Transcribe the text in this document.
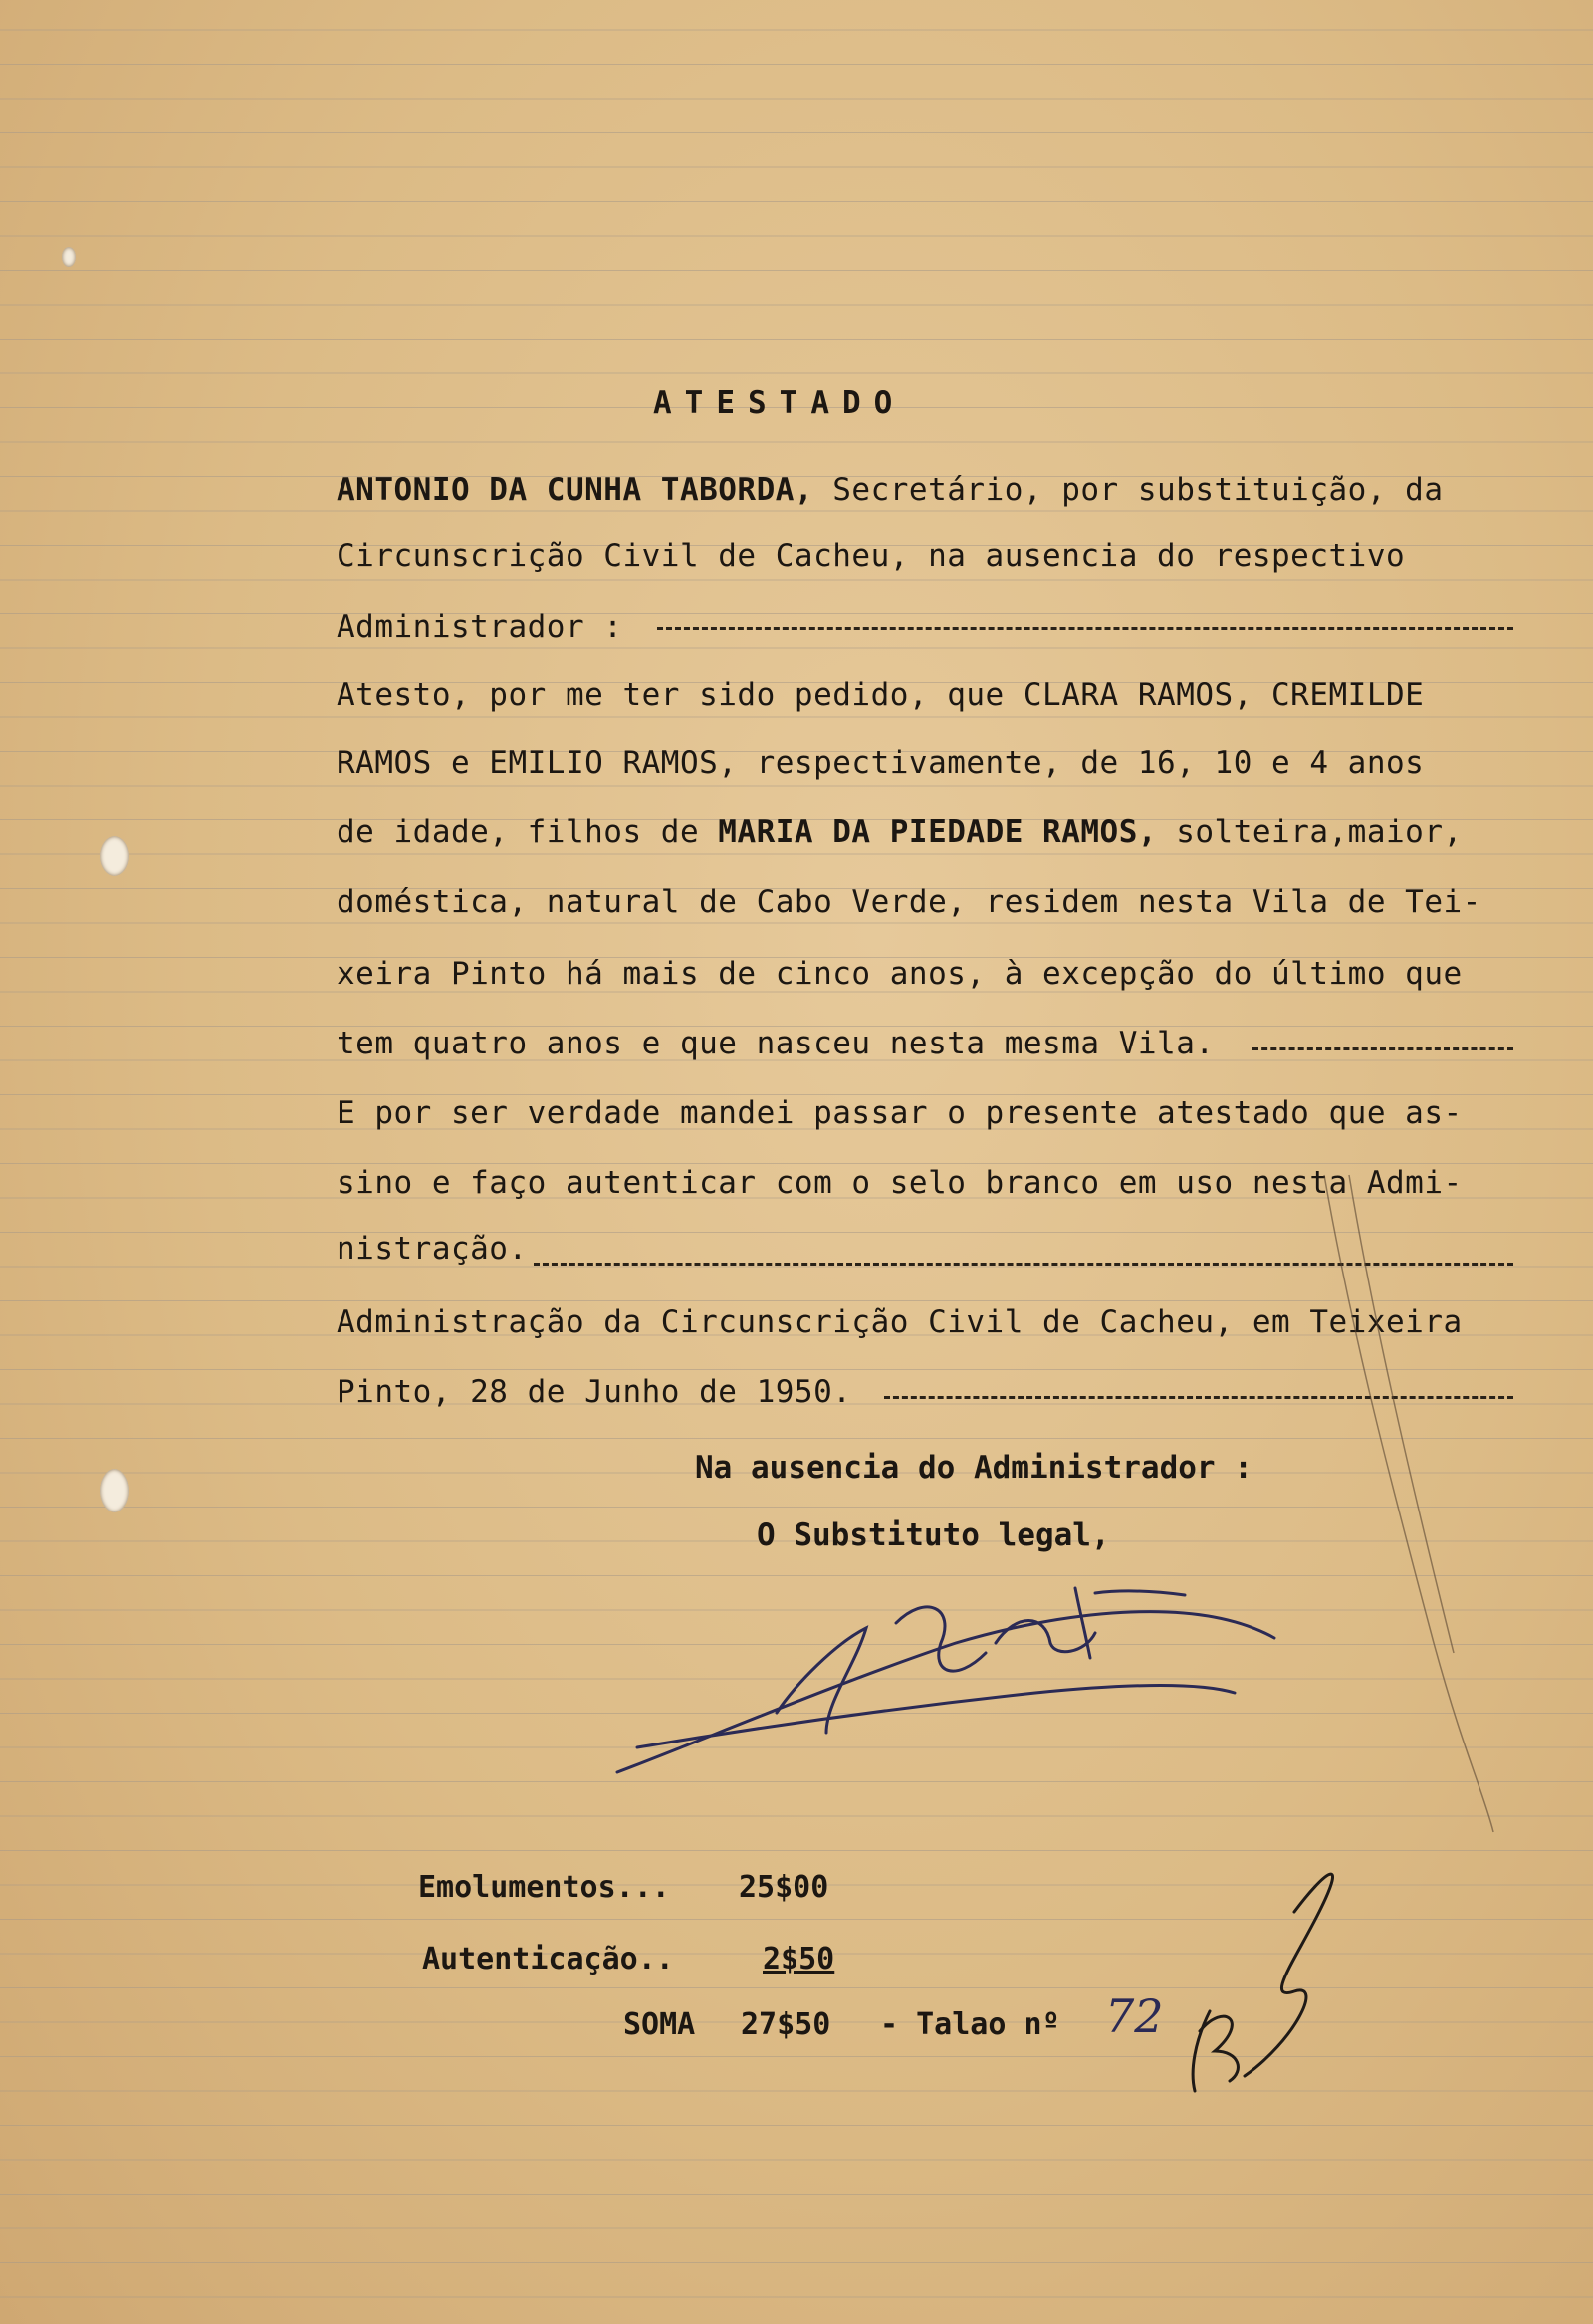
ATESTADO
ANTONIO DA CUNHA TABORDA, Secretário, por substituição, da
Circunscrição Civil de Cacheu, na ausencia do respectivo
Administrador :
Atesto, por me ter sido pedido, que CLARA RAMOS, CREMILDE
RAMOS e EMILIO RAMOS, respectivamente, de 16, 10 e 4 anos
de idade, filhos de MARIA DA PIEDADE RAMOS, solteira,maior,
doméstica, natural de Cabo Verde, residem nesta Vila de Tei-
xeira Pinto há mais de cinco anos, à excepção do último que
tem quatro anos e que nasceu nesta mesma Vila.
E por ser verdade mandei passar o presente atestado que as-
sino e faço autenticar com o selo branco em uso nesta Admi-
nistração.
Administração da Circunscrição Civil de Cacheu, em Teixeira
Pinto, 28 de Junho de 1950.
Na ausencia do Administrador :
O Substituto legal,
Emolumentos... 25$00
Autenticação..	2$50
SOMA 27$50 - Talao nº 72
